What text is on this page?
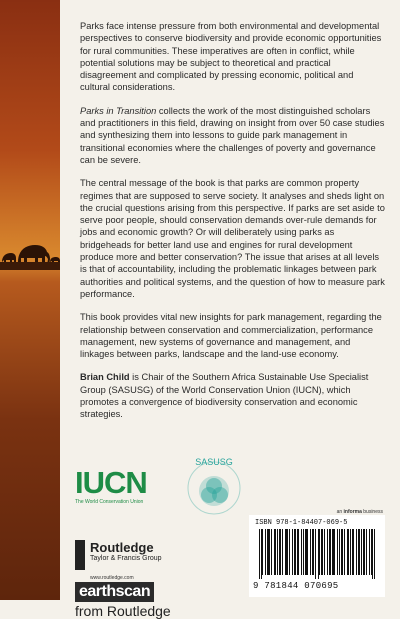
Parks face intense pressure from both environmental and developmental perspectives to conserve biodiversity and provide economic opportunities for rural communities. These imperatives are often in conflict, while potential solutions may be subject to theoretical and practical disagreement and complicated by pressing economic, political and cultural considerations.

Parks in Transition collects the work of the most distinguished scholars and practitioners in this field, drawing on insight from over 50 case studies and synthesizing them into lessons to guide park management in transitional economies where the challenges of poverty and governance can be severe.

The central message of the book is that parks are common property regimes that are supposed to serve society. It analyses and sheds light on the crucial questions arising from this perspective. If parks are set aside to serve poor people, should conservation demands over-rule demands for jobs and economic growth? Or will deliberately using parks as bridgeheads for better land use and engines for rural development produce more and better conservation? The issue that arises at all levels is that of accountability, including the problematic linkages between park authorities and political systems, and the question of how to measure park performance.

This book provides vital new insights for park management, regarding the relationship between conservation and commercialization, performance management, new systems of governance and management, and linkages between parks, landscape and the land-use economy.

Brian Child is Chair of the Southern Africa Sustainable Use Specialist Group (SASUSG) of the World Conservation Union (IUCN), which promotes a convergence of biodiversity conservation and economic strategies.

IUCN
The World Conservation Union
SASUSG
Routledge
Taylor & Francis Group
www.routledge.com
earthscan
from Routledge
an informa business
ISBN 978-1-84407-069-5
9 781844 070695
